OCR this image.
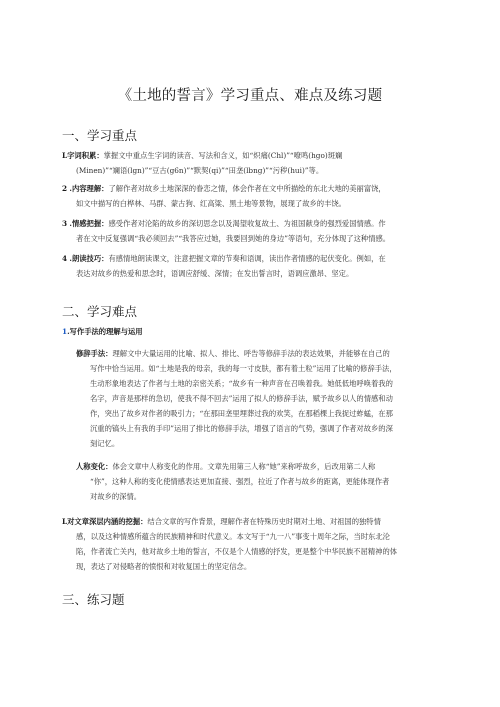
《土地的誓言》学习重点、难点及练习题
一、学习重点
L字词积累：掌握文中重点生字词的读音、写法和含义，如“炽痛(Chl)”“嘹鸣(hgo)斑斓
(Minen)”“斓语(lgn)”“豆古(g6n)”“默契(qi)”“田垄(lbng)”“污秽(hui)”等。
2 .内容理解：了解作者对故乡土地深深的眷恋之情，体会作者在文中所描绘的东北大地的美丽富饶，
如文中描写的白桦林、马群、蒙古狗、红高粱、黑土地等景物，展现了故乡的丰饶。
3 .情感把握：感受作者对沦陷的故乡的深切思念以及渴望收复故土、为祖国献身的强烈爱国情感。作
者在文中反复强调“我必须回去”“我答应过她，我要回到她的身边”等语句，充分体现了这种情感。
4 .朗读技巧：有感情地朗读课文，注意把握文章的节奏和语调，读出作者情感的起伏变化。例如，在
表达对故乡的热爱和思念时，语调应舒缓、深情；在发出誓言时，语调应激昂、坚定。
二、学习难点
1.写作手法的理解与运用
修辞手法：理解文中大量运用的比喻、拟人、排比、呼告等修辞手法的表达效果，并能够在自己的
写作中恰当运用。如“土地是我的母亲，我的每一寸皮肤，都有着土粒”运用了比喻的修辞手法，
生动形象地表达了作者与土地的亲密关系；“故乡有一种声音在召唤着我。她低低地呼唤着我的
名字，声音是那样的急切，使我不得不回去”运用了拟人的修辞手法，赋予故乡以人的情感和动
作，突出了故乡对作者的吸引力；“在那田垄里埋葬过我的欢笑，在那稻棵上我捉过蚱蜢，在那
沉重的镐头上有我的手印”运用了排比的修辞手法，增强了语言的气势，强调了作者对故乡的深
刻记忆。
人称变化：体会文章中人称变化的作用。文章先用第三人称“她”来称呼故乡，后改用第二人称
“你”，这种人称的变化使情感表达更加直接、强烈，拉近了作者与故乡的距离，更能体现作者
对故乡的深情。
L对文章深层内涵的挖掘：结合文章的写作背景，理解作者在特殊历史时期对土地、对祖国的独特情
感，以及这种情感所蕴含的民族精神和时代意义。本文写于“九一八”事变十周年之际，当时东北沦
陷，作者流亡关内，他对故乡土地的誓言，不仅是个人情感的抒发，更是整个中华民族不屈精神的体
现，表达了对侵略者的愤恨和对收复国土的坚定信念。
三、练习题
